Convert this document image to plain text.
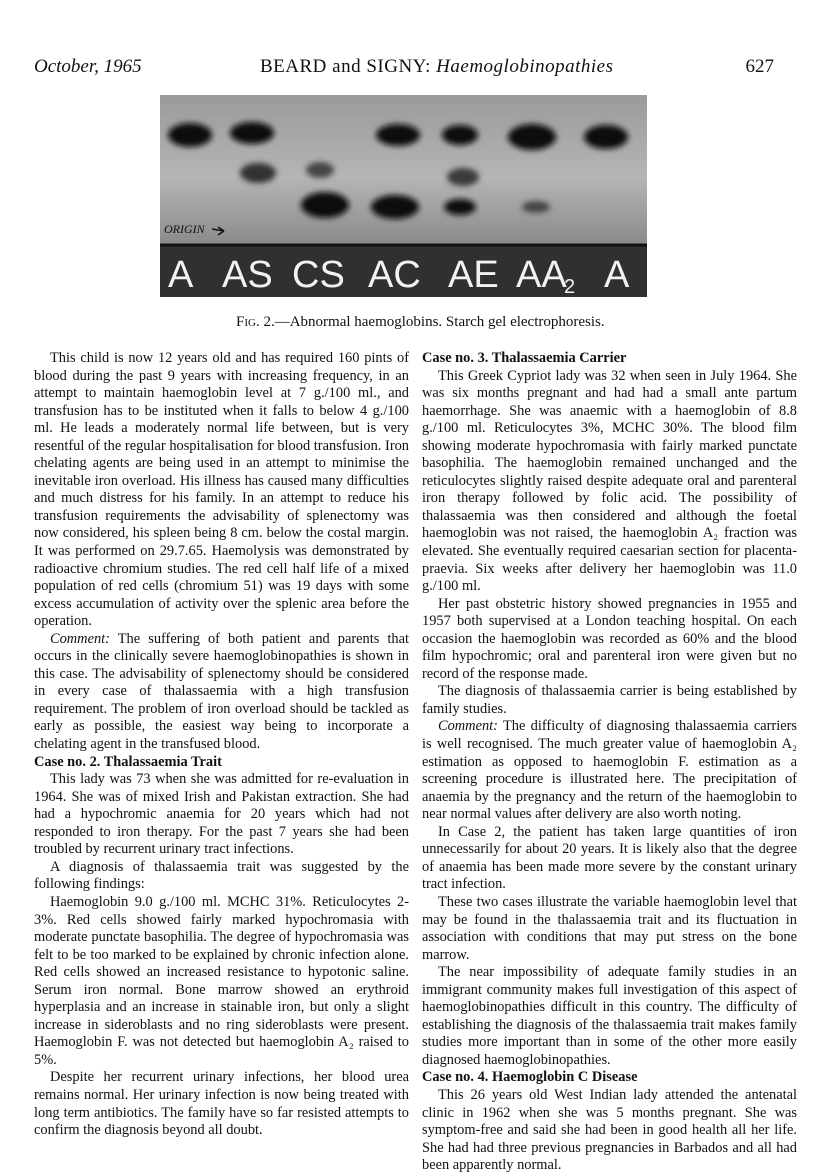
October, 1965	BEARD and SIGNY: Haemoglobinopathies	627
ORIGIN
A AS CS AC AE AA
2 A
Fig. 2.—Abnormal haemoglobins. Starch gel electrophoresis.

This child is now 12 years old and has required 160 pints of blood during the past 9 years with increasing frequency, in an attempt to maintain haemoglobin level at 7 g./100 ml., and transfusion has to be instituted when it falls to below 4 g./100 ml. He leads a moderately normal life between, but is very resentful of the regular hospitalisation for blood transfusion. Iron chelating agents are being used in an attempt to minimise the inevitable iron overload. His illness has caused many difficulties and much distress for his family. In an attempt to reduce his transfusion requirements the advisability of splenectomy was now considered, his spleen being 8 cm. below the costal margin. It was performed on 29.7.65. Haemolysis was demonstrated by radioactive chromium studies. The red cell half life of a mixed population of red cells (chromium 51) was 19 days with some excess accumulation of activity over the splenic area before the operation.

Comment: The suffering of both patient and parents that occurs in the clinically severe haemoglobinopathies is shown in this case. The advisability of splenectomy should be considered in every case of thalassaemia with a high transfusion requirement. The problem of iron overload should be tackled as early as possible, the easiest way being to incorporate a chelating agent in the transfused blood.

Case no. 2. Thalassaemia Trait

This lady was 73 when she was admitted for re-evaluation in 1964. She was of mixed Irish and Pakistan extraction. She had had a hypochromic anaemia for 20 years which had not responded to iron therapy. For the past 7 years she had been troubled by recurrent urinary tract infections.

A diagnosis of thalassaemia trait was suggested by the following findings:

Haemoglobin 9.0 g./100 ml. MCHC 31%. Reticulocytes 2-3%. Red cells showed fairly marked hypochromasia with moderate punctate basophilia. The degree of hypochromasia was felt to be too marked to be explained by chronic infection alone. Red cells showed an increased resistance to hypotonic saline. Serum iron normal. Bone marrow showed an erythroid hyperplasia and an increase in stainable iron, but only a slight increase in sideroblasts and no ring sideroblasts were present. Haemoglobin F. was not detected but haemoglobin A₂ raised to 5%.

Despite her recurrent urinary infections, her blood urea remains normal. Her urinary infection is now being treated with long term antibiotics. The family have so far resisted attempts to confirm the diagnosis beyond all doubt.

Case no. 3. Thalassaemia Carrier

This Greek Cypriot lady was 32 when seen in July 1964. She was six months pregnant and had had a small ante partum haemorrhage. She was anaemic with a haemoglobin of 8.8 g./100 ml. Reticulocytes 3%, MCHC 30%. The blood film showing moderate hypochromasia with fairly marked punctate basophilia. The haemoglobin remained unchanged and the reticulocytes slightly raised despite adequate oral and parenteral iron therapy followed by folic acid. The possibility of thalassaemia was then considered and although the foetal haemoglobin was not raised, the haemoglobin A₂ fraction was elevated. She eventually required caesarian section for placenta-praevia. Six weeks after delivery her haemoglobin was 11.0 g./100 ml.

Her past obstetric history showed pregnancies in 1955 and 1957 both supervised at a London teaching hospital. On each occasion the haemoglobin was recorded as 60% and the blood film hypochromic; oral and parenteral iron were given but no record of the response made.

The diagnosis of thalassaemia carrier is being established by family studies.

Comment: The difficulty of diagnosing thalassaemia carriers is well recognised. The much greater value of haemoglobin A₂ estimation as opposed to haemoglobin F. estimation as a screening procedure is illustrated here. The precipitation of anaemia by the pregnancy and the return of the haemoglobin to near normal values after delivery are also worth noting.

In Case 2, the patient has taken large quantities of iron unnecessarily for about 20 years. It is likely also that the degree of anaemia has been made more severe by the constant urinary tract infection.

These two cases illustrate the variable haemoglobin level that may be found in the thalassaemia trait and its fluctuation in association with conditions that may put stress on the bone marrow.

The near impossibility of adequate family studies in an immigrant community makes full investigation of this aspect of haemoglobinopathies difficult in this country. The difficulty of establishing the diagnosis of the thalassaemia trait makes family studies more important than in some of the other more easily diagnosed haemoglobinopathies.

Case no. 4. Haemoglobin C Disease

This 26 years old West Indian lady attended the antenatal clinic in 1962 when she was 5 months pregnant. She was symptom-free and said she had been in good health all her life. She had had three previous pregnancies in Barbados and all had been apparently normal.
